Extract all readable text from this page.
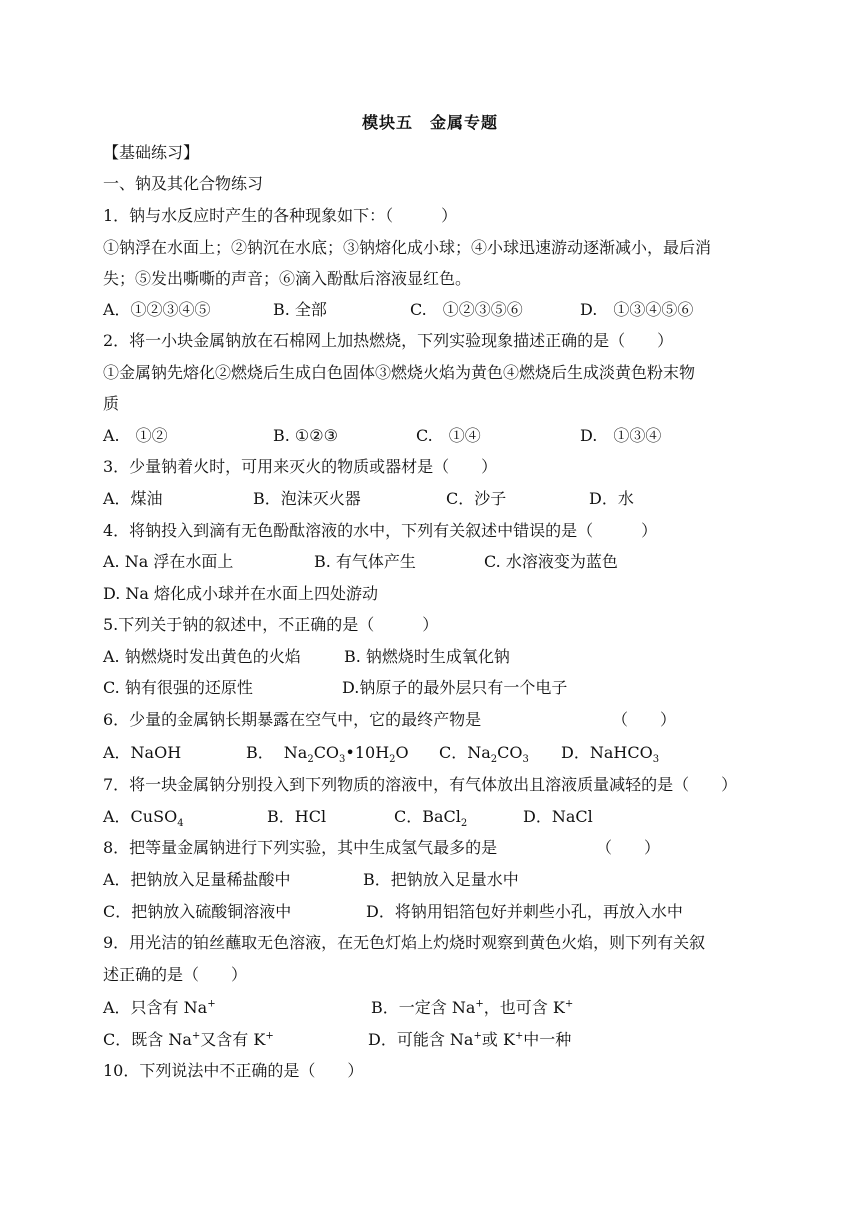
模块五　金属专题
【基础练习】
一、钠及其化合物练习
1．钠与水反应时产生的各种现象如下：（　　　）
①钠浮在水面上；②钠沉在水底；③钠熔化成小球；④小球迅速游动逐渐减小，最后消
失；⑤发出嘶嘶的声音；⑥滴入酚酞后溶液显红色。
A．①②③④⑤	B. 全部	C.　①②③⑤⑥	D.　①③④⑤⑥
2．将一小块金属钠放在石棉网上加热燃烧，下列实验现象描述正确的是（　　）
①金属钠先熔化②燃烧后生成白色固体③燃烧火焰为黄色④燃烧后生成淡黄色粉末物
质
A.　①②	B. ①②③	C.　①④	D.　①③④
3．少量钠着火时，可用来灭火的物质或器材是（　　）
A．煤油	B．泡沫灭火器	C．沙子	D．水
4．将钠投入到滴有无色酚酞溶液的水中，下列有关叙述中错误的是（　　　）
A. Na 浮在水面上	B. 有气体产生	C. 水溶液变为蓝色
D. Na 熔化成小球并在水面上四处游动
5.下列关于钠的叙述中，不正确的是（　　　）
A. 钠燃烧时发出黄色的火焰	B. 钠燃烧时生成氧化钠
C. 钠有很强的还原性	D.钠原子的最外层只有一个电子
6．少量的金属钠长期暴露在空气中，它的最终产物是	（　　）
A．NaOH	B． $Na_2CO_3•10H_2O$ C．$Na_2CO_3$ D．NaHCO$_3$
7．将一块金属钠分别投入到下列物质的溶液中，有气体放出且溶液质量减轻的是（　　）
A．CuSO$_4$	B．HCl	C．BaCl$_2$	D．NaCl
8．把等量金属钠进行下列实验，其中生成氢气最多的是	（　　）
A．把钠放入足量稀盐酸中	B．把钠放入足量水中
C．把钠放入硫酸铜溶液中	D．将钠用铝箔包好并刺些小孔，再放入水中
9．用光洁的铂丝蘸取无色溶液，在无色灯焰上灼烧时观察到黄色火焰，则下列有关叙
述正确的是（　　）
A．只含有 Na+	B．一定含 Na+，也可含 K+
C．既含 Na+又含有 K+	D．可能含 Na+或 K+中一种
10．下列说法中不正确的是（　　）
